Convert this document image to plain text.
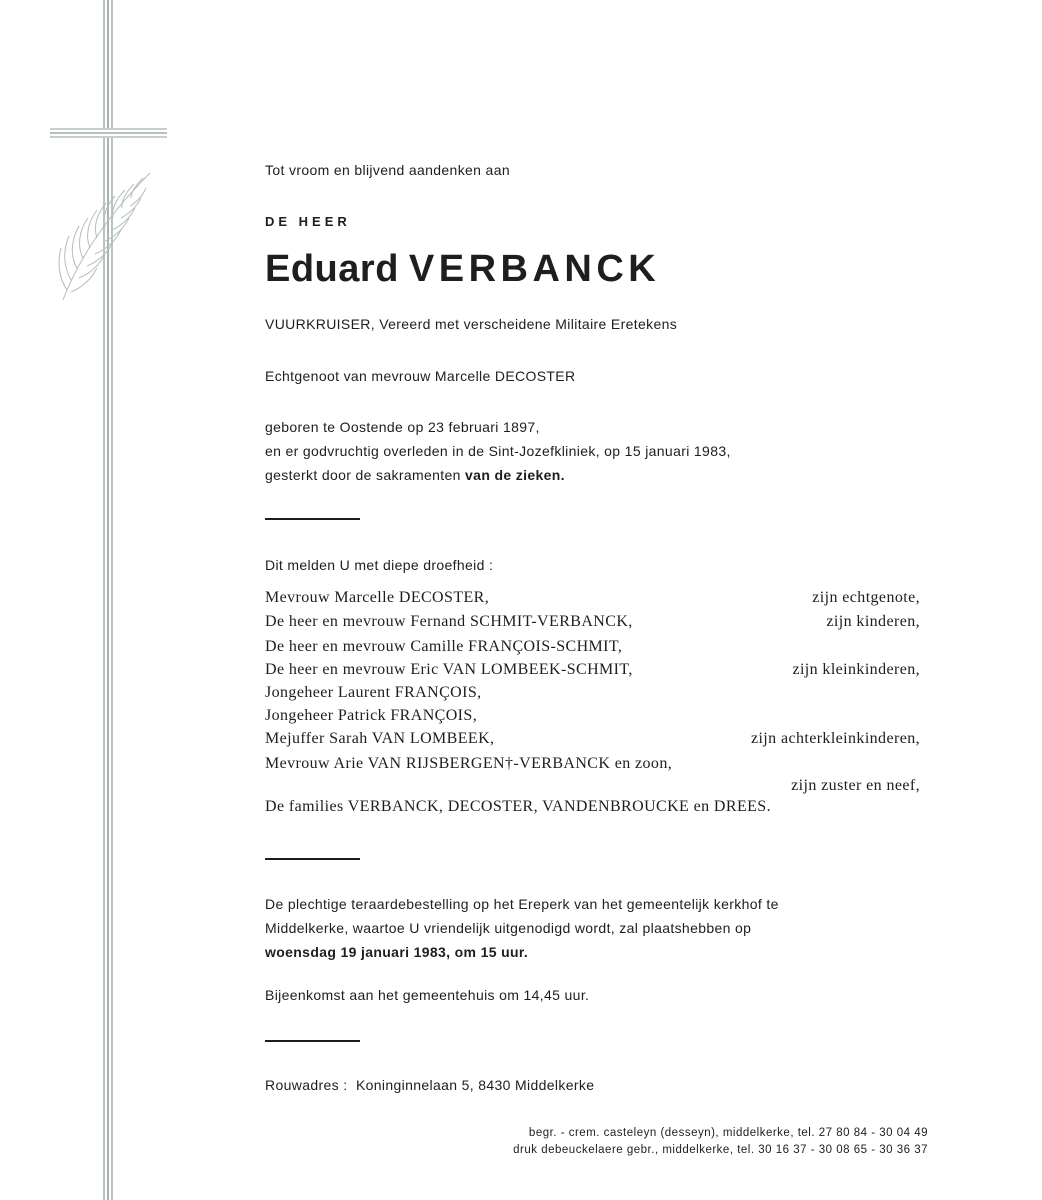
Tot vroom en blijvend aandenken aan
DE HEER
Eduard VERBANCK
VUURKRUISER, Vereerd met verscheidene Militaire Eretekens
Echtgenoot van mevrouw Marcelle DECOSTER
geboren te Oostende op 23 februari 1897,
en er godvruchtig overleden in de Sint-Jozefkliniek, op 15 januari 1983,
gesterkt door de sakramenten van de zieken.
Dit melden U met diepe droefheid :
Mevrouw Marcelle DECOSTER,	zijn echtgenote,
De heer en mevrouw Fernand SCHMIT-VERBANCK,	zijn kinderen,
De heer en mevrouw Camille FRANÇOIS-SCHMIT,
De heer en mevrouw Eric VAN LOMBEEK-SCHMIT,	zijn kleinkinderen,
Jongeheer Laurent FRANÇOIS,
Jongeheer Patrick FRANÇOIS,
Mejuffer Sarah VAN LOMBEEK,	zijn achterkleinkinderen,
Mevrouw Arie VAN RIJSBERGEN†-VERBANCK en zoon,
zijn zuster en neef,
De families VERBANCK, DECOSTER, VANDENBROUCKE en DREES.
De plechtige teraardebestelling op het Ereperk van het gemeentelijk kerkhof te
Middelkerke, waartoe U vriendelijk uitgenodigd wordt, zal plaatshebben op
woensdag 19 januari 1983, om 15 uur.
Bijeenkomst aan het gemeentehuis om 14,45 uur.
Rouwadres : Koninginnelaan 5, 8430 Middelkerke
begr. - crem. casteleyn (desseyn), middelkerke, tel. 27 80 84 - 30 04 49
druk debeuckelaere gebr., middelkerke, tel. 30 16 37 - 30 08 65 - 30 36 37
